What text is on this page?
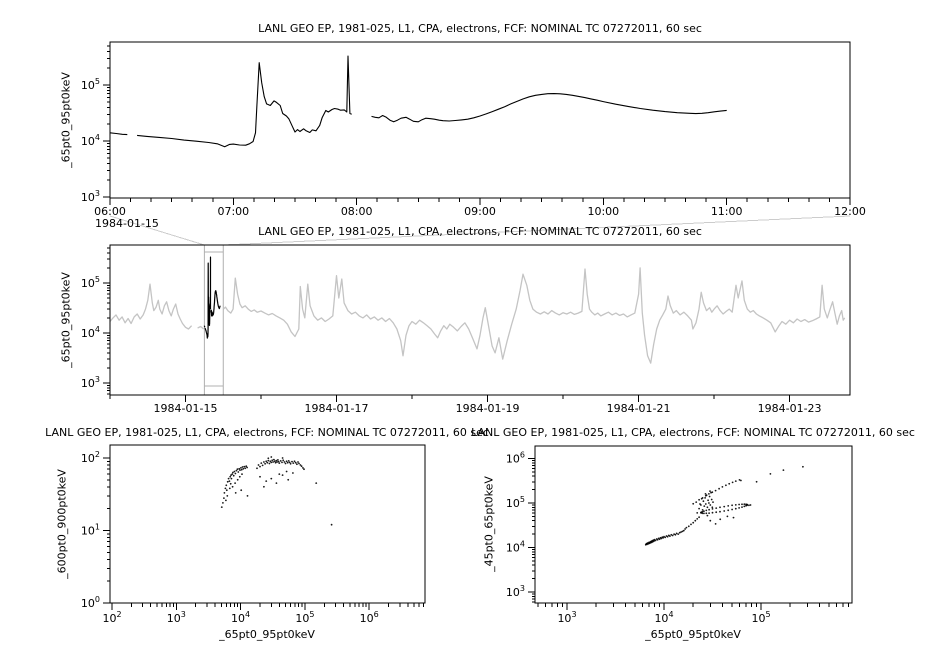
$10^3$
$10^4$
$10^5$
06:00	07:00	08:00	09:00	10:00	11:00	12:00
$10^3$
$10^4$
$10^5$
1984-01-15	1984-01-17	1984-01-19	1984-01-21	1984-01-23
$10^0$
$10^1$
$10^2$
$10^2$	$10^3$	$10^4$	$10^5$	$10^6$
$10^3$
$10^4$
$10^5$
$10^6$
$10^3$	$10^4$	$10^5$
LANL GEO EP, 1981-025, L1, CPA, electrons, FCF: NOMINAL TC 07272011, 60 sec
LANL GEO EP, 1981-025, L1, CPA, electrons, FCF: NOMINAL TC 07272011, 60 sec
LANL GEO EP, 1981-025, L1, CPA, electrons, FCF: NOMINAL TC 07272011, 60 sec
LANL GEO EP, 1981-025, L1, CPA, electrons, FCF: NOMINAL TC 07272011, 60 sec
_65pt0_95pt0keV
_65pt0_95pt0keV
_600pt0_900pt0keV	_45pt0_65pt0keV
_65pt0_95pt0keV	_65pt0_95pt0keV
1984-01-15
